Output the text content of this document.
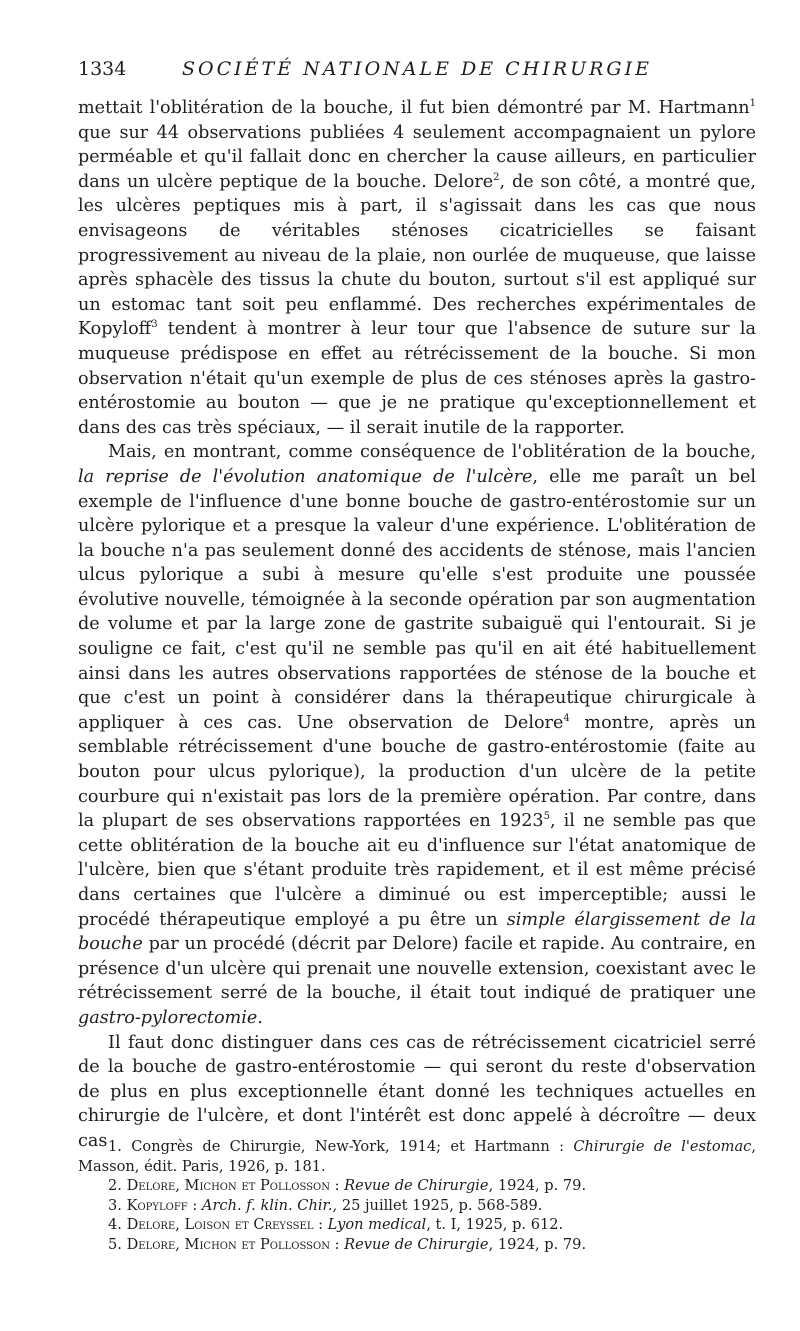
1334	SOCIÉTÉ NATIONALE DE CHIRURGIE

mettait l'oblitération de la bouche, il fut bien démontré par M. Hartmann$^1$ que sur 44 observations publiées 4 seulement accompagnaient un pylore perméable et qu'il fallait donc en chercher la cause ailleurs, en particulier dans un ulcère peptique de la bouche. Delore$^2$, de son côté, a montré que, les ulcères peptiques mis à part, il s'agissait dans les cas que nous envisageons de véritables sténoses cicatricielles se faisant progressivement au niveau de la plaie, non ourlée de muqueuse, que laisse après sphacèle des tissus la chute du bouton, surtout s'il est appliqué sur un estomac tant soit peu enflammé. Des recherches expérimentales de Kopyloff$^3$ tendent à montrer à leur tour que l'absence de suture sur la muqueuse prédispose en effet au rétrécissement de la bouche. Si mon observation n'était qu'un exemple de plus de ces sténoses après la gastro-entérostomie au bouton — que je ne pratique qu'exceptionnellement et dans des cas très spéciaux, — il serait inutile de la rapporter.

Mais, en montrant, comme conséquence de l'oblitération de la bouche, la reprise de l'évolution anatomique de l'ulcère, elle me paraît un bel exemple de l'influence d'une bonne bouche de gastro-entérostomie sur un ulcère pylorique et a presque la valeur d'une expérience. L'oblitération de la bouche n'a pas seulement donné des accidents de sténose, mais l'ancien ulcus pylorique a subi à mesure qu'elle s'est produite une poussée évolutive nouvelle, témoignée à la seconde opération par son augmentation de volume et par la large zone de gastrite subaiguë qui l'entourait. Si je souligne ce fait, c'est qu'il ne semble pas qu'il en ait été habituellement ainsi dans les autres observations rapportées de sténose de la bouche et que c'est un point à considérer dans la thérapeutique chirurgicale à appliquer à ces cas. Une observation de Delore$^4$ montre, après un semblable rétrécissement d'une bouche de gastro-entérostomie (faite au bouton pour ulcus pylorique), la production d'un ulcère de la petite courbure qui n'existait pas lors de la première opération. Par contre, dans la plupart de ses observations rapportées en 1923$^5$, il ne semble pas que cette oblitération de la bouche ait eu d'influence sur l'état anatomique de l'ulcère, bien que s'étant produite très rapidement, et il est même précisé dans certaines que l'ulcère a diminué ou est imperceptible; aussi le procédé thérapeutique employé a pu être un simple élargissement de la bouche par un procédé (décrit par Delore) facile et rapide. Au contraire, en présence d'un ulcère qui prenait une nouvelle extension, coexistant avec le rétrécissement serré de la bouche, il était tout indiqué de pratiquer une gastro-pylorectomie.

Il faut donc distinguer dans ces cas de rétrécissement cicatriciel serré de la bouche de gastro-entérostomie — qui seront du reste d'observation de plus en plus exceptionnelle étant donné les techniques actuelles en chirurgie de l'ulcère, et dont l'intérêt est donc appelé à décroître — deux cas 1. Congrès de Chirurgie, New-York, 1914; et Hartmann : Chirurgie de l'estomac, Masson, édit. Paris, 1926, p. 181.
2. Delore, Michon et Pollosson : Revue de Chirurgie, 1924, p. 79.
3. Kopyloff : Arch. f. klin. Chir., 25 juillet 1925, p. 568-589.
4. Delore, Loison et Creyssel : Lyon medical, t. I, 1925, p. 612.
5. Delore, Michon et Pollosson : Revue de Chirurgie, 1924, p. 79.
